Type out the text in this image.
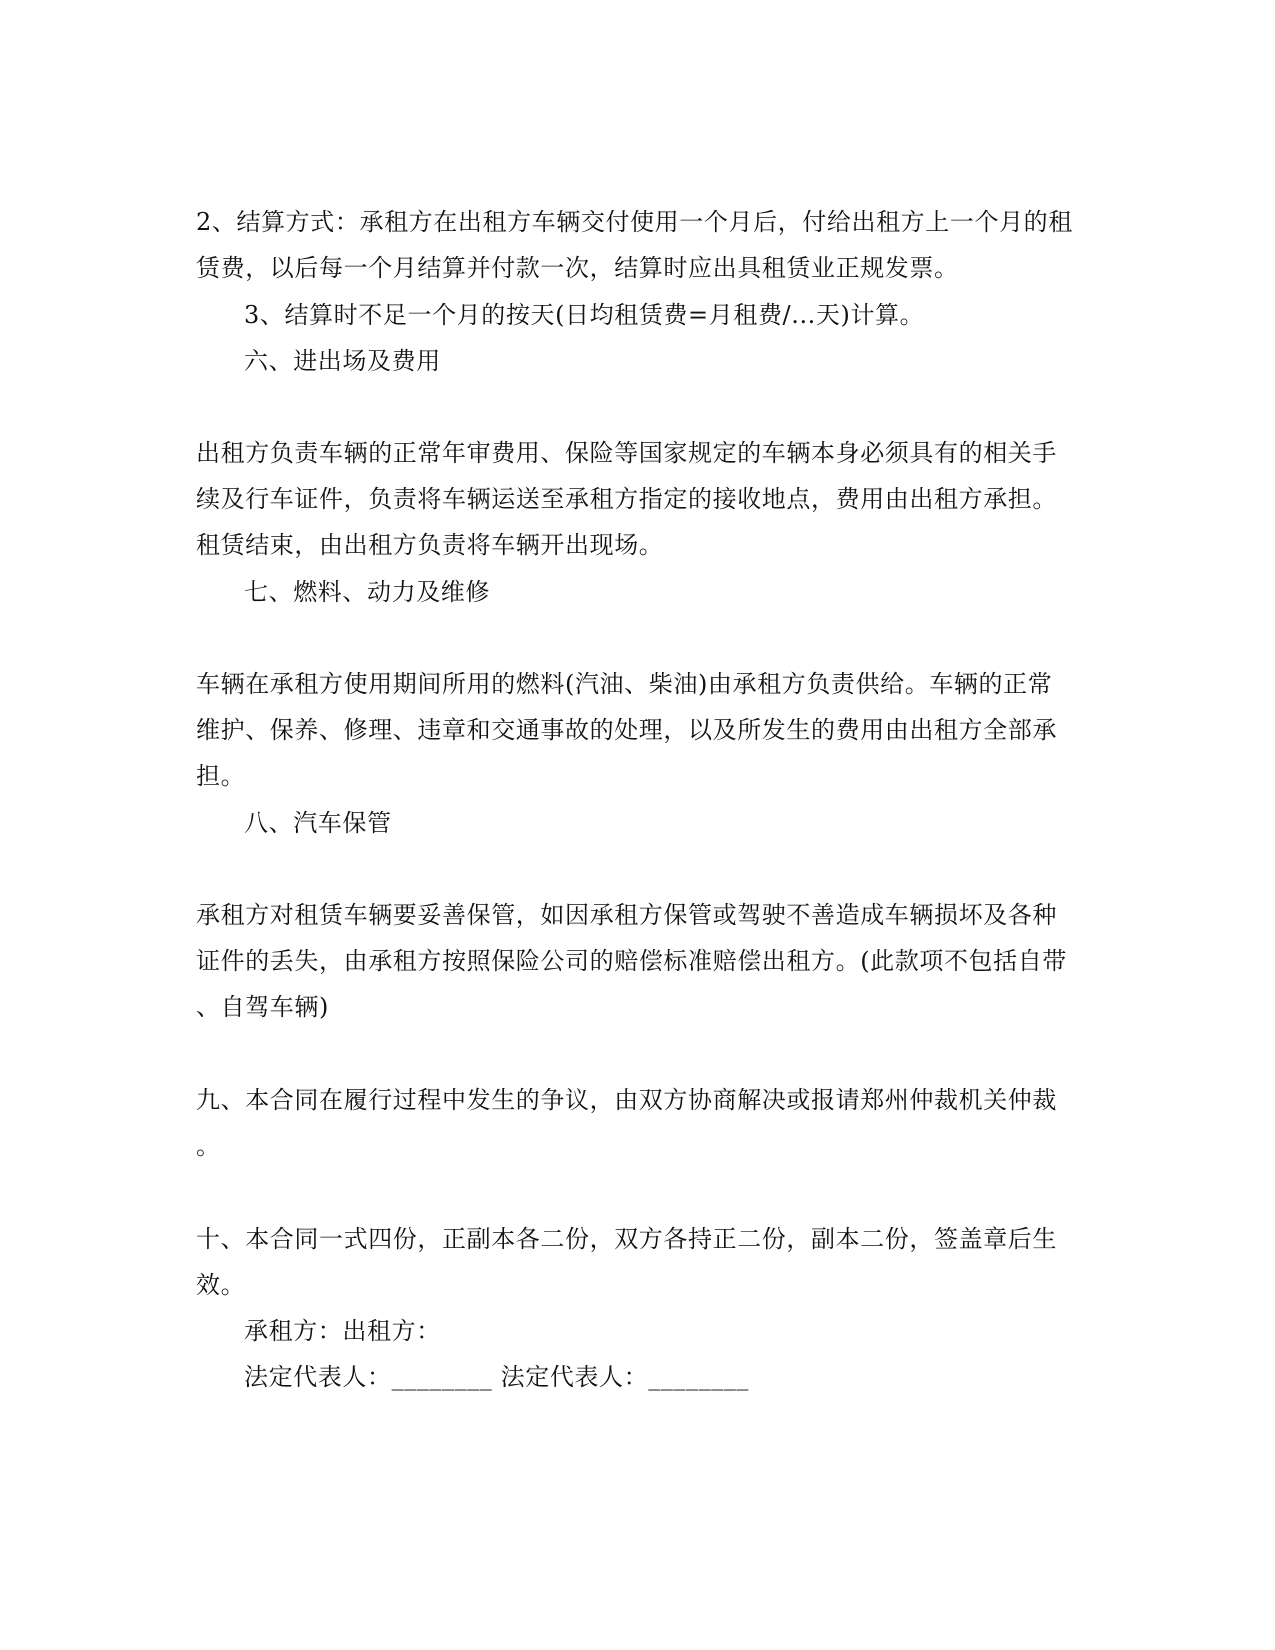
2、结算方式：承租方在出租方车辆交付使用一个月后，付给出租方上一个月的租
赁费，以后每一个月结算并付款一次，结算时应出具租赁业正规发票。
3、结算时不足一个月的按天(日均租赁费=月租费/...天)计算。
六、进出场及费用
出租方负责车辆的正常年审费用、保险等国家规定的车辆本身必须具有的相关手
续及行车证件，负责将车辆运送至承租方指定的接收地点，费用由出租方承担。
租赁结束，由出租方负责将车辆开出现场。
七、燃料、动力及维修
车辆在承租方使用期间所用的燃料(汽油、柴油)由承租方负责供给。车辆的正常
维护、保养、修理、违章和交通事故的处理，以及所发生的费用由出租方全部承
担。
八、汽车保管
承租方对租赁车辆要妥善保管，如因承租方保管或驾驶不善造成车辆损坏及各种
证件的丢失，由承租方按照保险公司的赔偿标准赔偿出租方。(此款项不包括自带
、自驾车辆)
九、本合同在履行过程中发生的争议，由双方协商解决或报请郑州仲裁机关仲裁
。
十、本合同一式四份，正副本各二份，双方各持正二份，副本二份，签盖章后生
效。
承租方：出租方：
法定代表人：________ 法定代表人：________
